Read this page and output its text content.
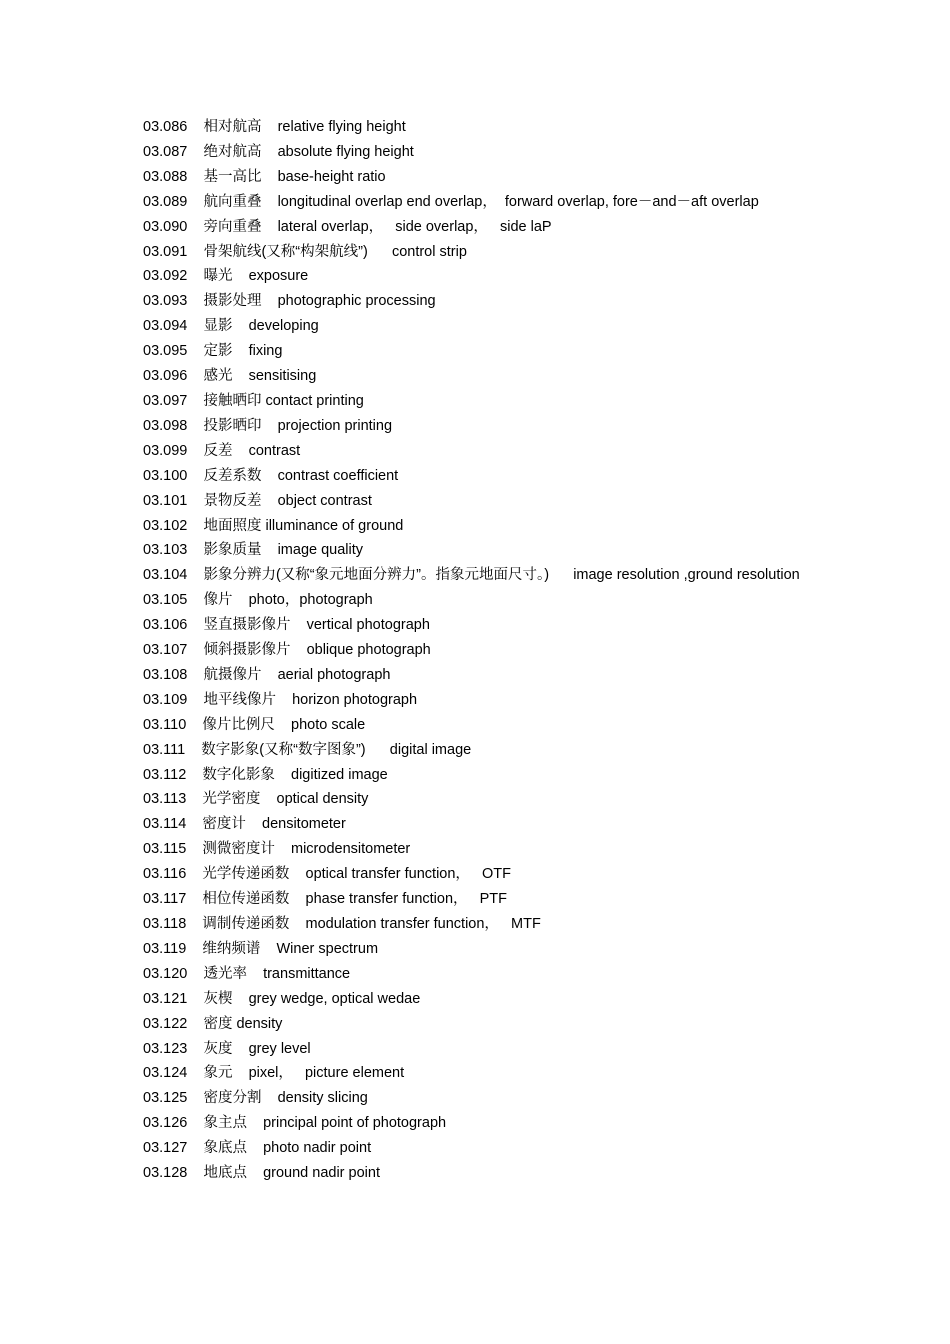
03.086    相对航高    relative flying height

03.087    绝对航高    absolute flying height

03.088    基一高比    base-height ratio

03.089    航向重叠    longitudinal overlap end overlap，  forward overlap, fore－and－aft overlap

03.090    旁向重叠    lateral overlap，   side overlap，   side laP

03.091    骨架航线(又称“构架航线”)      control strip

03.092    曝光    exposure

03.093    摄影处理    photographic processing

03.094    显影    developing

03.095    定影    fixing

03.096    感光    sensitising

03.097    接触晒印 contact printing

03.098    投影晒印    projection printing

03.099    反差    contrast

03.100    反差系数    contrast coefficient

03.101    景物反差    object contrast

03.102    地面照度 illuminance of ground

03.103    影象质量    image quality

03.104    影象分辨力(又称“象元地面分辨力”。指象元地面尺寸。)      image resolution ,ground resolution

03.105    像片    photo，photograph

03.106    竖直摄影像片    vertical photograph

03.107    倾斜摄影像片    oblique photograph

03.108    航摄像片    aerial photograph

03.109    地平线像片    horizon photograph

03.110    像片比例尺    photo scale

03.111    数字影象(又称“数字图象”)      digital image

03.112    数字化影象    digitized image

03.113    光学密度    optical density

03.114    密度计    densitometer

03.115    测微密度计    microdensitometer

03.116    光学传递函数    optical transfer function，   OTF

03.117    相位传递函数    phase transfer function，   PTF

03.118    调制传递函数    modulation transfer function，   MTF

03.119    维纳频谱    Winer spectrum

03.120    透光率    transmittance

03.121    灰楔    grey wedge, optical wedae

03.122    密度 density

03.123    灰度    grey level

03.124    象元    pixel，   picture element

03.125    密度分割    density slicing

03.126    象主点    principal point of photograph

03.127    象底点    photo nadir point

03.128    地底点    ground nadir point
